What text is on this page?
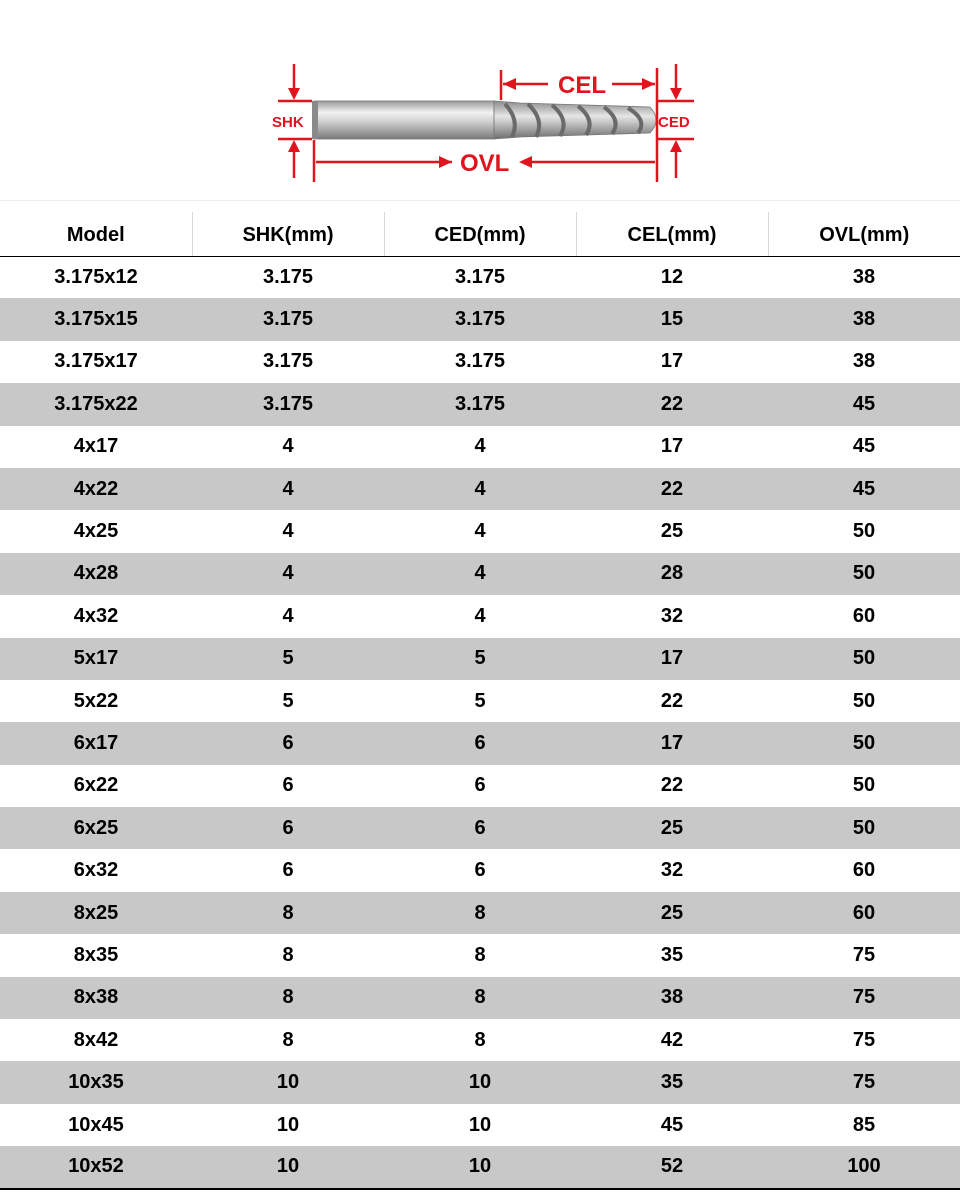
SHK
CEL
CED
OVL
Model	SHK(mm)	CED(mm)	CEL(mm)	OVL(mm)
3.175x12	3.175	3.175	12	38
3.175x15	3.175	3.175	15	38
3.175x17	3.175	3.175	17	38
3.175x22	3.175	3.175	22	45
4x17	4	4	17	45
4x22	4	4	22	45
4x25	4	4	25	50
4x28	4	4	28	50
4x32	4	4	32	60
5x17	5	5	17	50
5x22	5	5	22	50
6x17	6	6	17	50
6x22	6	6	22	50
6x25	6	6	25	50
6x32	6	6	32	60
8x25	8	8	25	60
8x35	8	8	35	75
8x38	8	8	38	75
8x42	8	8	42	75
10x35	10	10	35	75
10x45	10	10	45	85
10x52	10	10	52	100
